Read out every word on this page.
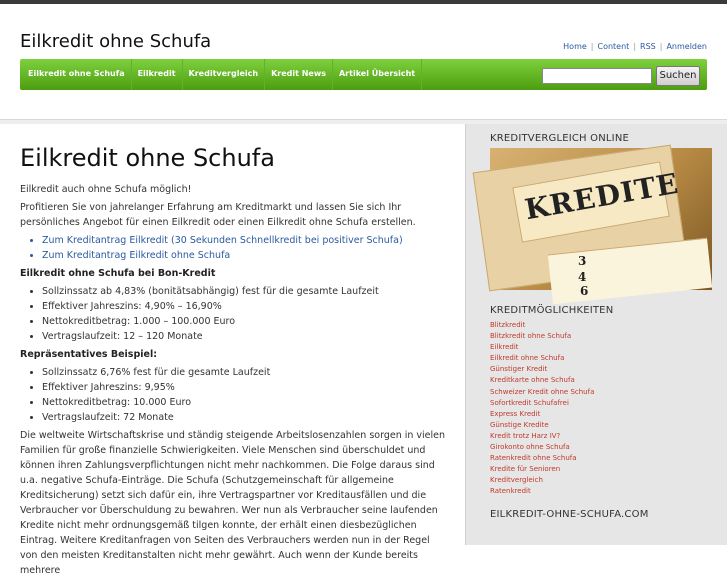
Eilkredit ohne Schufa	Home | Content | RSS | Anmelden
Eilkredit ohne Schufa	Eilkredit	Kreditvergleich	Kredit News	Artikel Übersicht	Suchen
Eilkredit ohne Schufa

Eilkredit auch ohne Schufa möglich!

Profitieren Sie von jahrelanger Erfahrung am Kreditmarkt und lassen Sie sich Ihr persönliches Angebot für einen Eilkredit oder einen Eilkredit ohne Schufa erstellen.

• Zum Kreditantrag Eilkredit (30 Sekunden Schnellkredit bei positiver Schufa)
• Zum Kreditantrag Eilkredit ohne Schufa

Eilkredit ohne Schufa bei Bon-Kredit

• Sollzinssatz ab 4,83% (bonitätsabhängig) fest für die gesamte Laufzeit
• Effektiver Jahreszins: 4,90% – 16,90%
• Nettokreditbetrag: 1.000 – 100.000 Euro
• Vertragslaufzeit: 12 – 120 Monate

Repräsentatives Beispiel:

• Sollzinssatz 6,76% fest für die gesamte Laufzeit
• Effektiver Jahreszins: 9,95%
• Nettokreditbetrag: 10.000 Euro
• Vertragslaufzeit: 72 Monate

Die weltweite Wirtschaftskrise und ständig steigende Arbeitslosenzahlen sorgen in vielen Familien für große finanzielle Schwierigkeiten. Viele Menschen sind überschuldet und können ihren Zahlungsverpflichtungen nicht mehr nachkommen. Die Folge daraus sind u.a. negative Schufa-Einträge. Die Schufa (Schutzgemeinschaft für allgemeine Kreditsicherung) setzt sich dafür ein, ihre Vertragspartner vor Kreditausfällen und die Verbraucher vor Überschuldung zu bewahren. Wer nun als Verbraucher seine laufenden Kredite nicht mehr ordnungsgemäß tilgen konnte, der erhält einen diesbezüglichen Eintrag. Weitere Kreditanfragen von Seiten des Verbrauchers werden nun in der Regel von den meisten Kreditanstalten nicht mehr gewährt. Auch wenn der Kunde bereits mehrere

KREDITVERGLEICH ONLINE
KREDITE
3
4
6
KREDITMÖGLICHKEITEN
Blitzkredit
Blitzkredit ohne Schufa
Eilkredit
Eilkredit ohne Schufa
Günstiger Kredit
Kreditkarte ohne Schufa
Schweizer Kredit ohne Schufa
Sofortkredit Schufafrei
Express Kredit
Günstige Kredite
Kredit trotz Harz IV?
Girokonto ohne Schufa
Ratenkredit ohne Schufa
Kredite für Senioren
Kreditvergleich
Ratenkredit
EILKREDIT-OHNE-SCHUFA.COM
